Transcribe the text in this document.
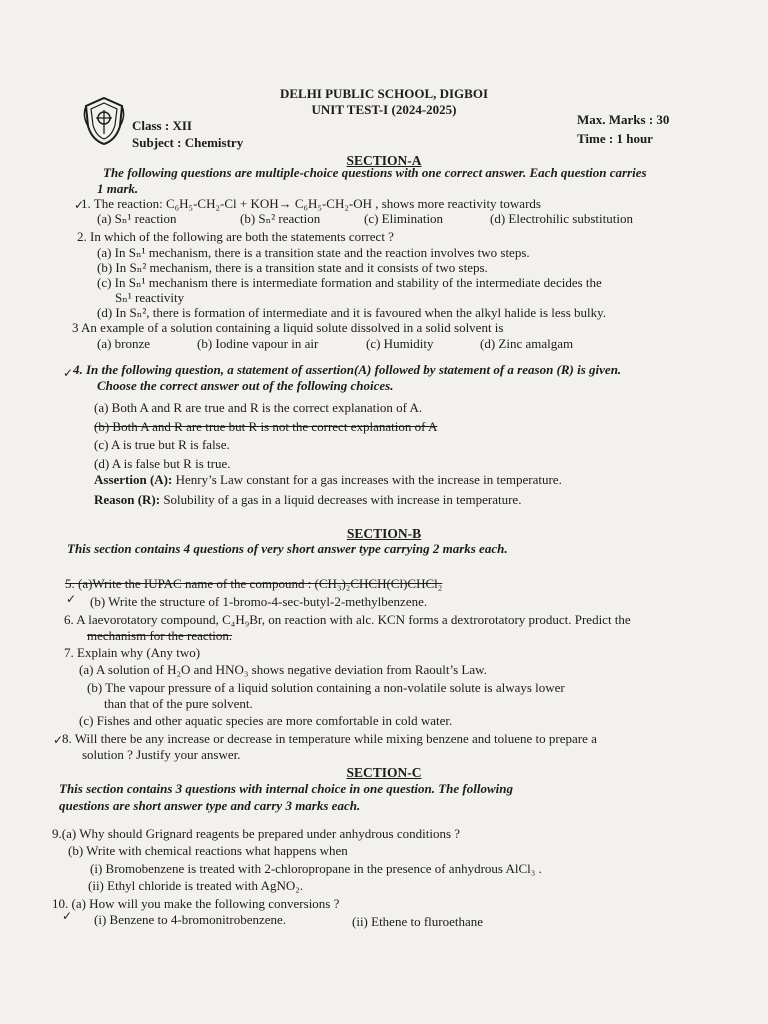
DELHI PUBLIC SCHOOL, DIGBOI
UNIT TEST-I (2024-2025)
Class : XII
Subject : Chemistry
Max. Marks : 30
Time : 1 hour
SECTION-A
The following questions are multiple-choice questions with one correct answer. Each question carries
1 mark.
✓
1. The reaction: C₆H₅-CH₂-Cl + KOH→ C₆H₅-CH₂-OH , shows more reactivity towards
(a) Sₙ¹ reaction	(b) Sₙ² reaction	(c) Elimination	(d) Electrohilic substitution
2. In which of the following are both the statements correct ?
(a) In Sₙ¹ mechanism, there is a transition state and the reaction involves two steps.
(b) In Sₙ² mechanism, there is a transition state and it consists of two steps.
(c) In Sₙ¹ mechanism there is intermediate formation and stability of the intermediate decides the
Sₙ¹ reactivity
(d) In Sₙ², there is formation of intermediate and it is favoured when the alkyl halide is less bulky.
3 An example of a solution containing a liquid solute dissolved in a solid solvent is
(a) bronze	(b) Iodine vapour in air	(c) Humidity	(d) Zinc amalgam
✓ 4. In the following question, a statement of assertion(A) followed by statement of a reason (R) is given.
Choose the correct answer out of the following choices.
(a) Both A and R are true and R is the correct explanation of A.
(b) Both A and R are true but R is not the correct explanation of A
(c) A is true but R is false.
(d) A is false but R is true.
Assertion (A): Henry’s Law constant for a gas increases with the increase in temperature.
Reason (R): Solubility of a gas in a liquid decreases with increase in temperature.
SECTION-B
This section contains 4 questions of very short answer type carrying 2 marks each.
5. (a)Write the IUPAC name of the compound : (CH₃)₂CHCH(Cl)CHCl₂
✓ (b) Write the structure of 1-bromo-4-sec-butyl-2-methylbenzene.
6. A laevorotatory compound, C₄H₉Br, on reaction with alc. KCN forms a dextrorotatory product. Predict the
mechanism for the reaction.
7. Explain why (Any two)
(a) A solution of H₂O and HNO₃ shows negative deviation from Raoult’s Law.
(b) The vapour pressure of a liquid solution containing a non-volatile solute is always lower
than that of the pure solvent.
(c) Fishes and other aquatic species are more comfortable in cold water.
✓
8. Will there be any increase or decrease in temperature while mixing benzene and toluene to prepare a
solution ? Justify your answer.
SECTION-C
This section contains 3 questions with internal choice in one question. The following
questions are short answer type and carry 3 marks each.
9.(a) Why should Grignard reagents be prepared under anhydrous conditions ?
(b) Write with chemical reactions what happens when
(i) Bromobenzene is treated with 2-chloropropane in the presence of anhydrous AlCl₃ .
(ii) Ethyl chloride is treated with AgNO₂.
10. (a) How will you make the following conversions ?
✓ (i) Benzene to 4-bromonitrobenzene.	(ii) Ethene to fluroethane
